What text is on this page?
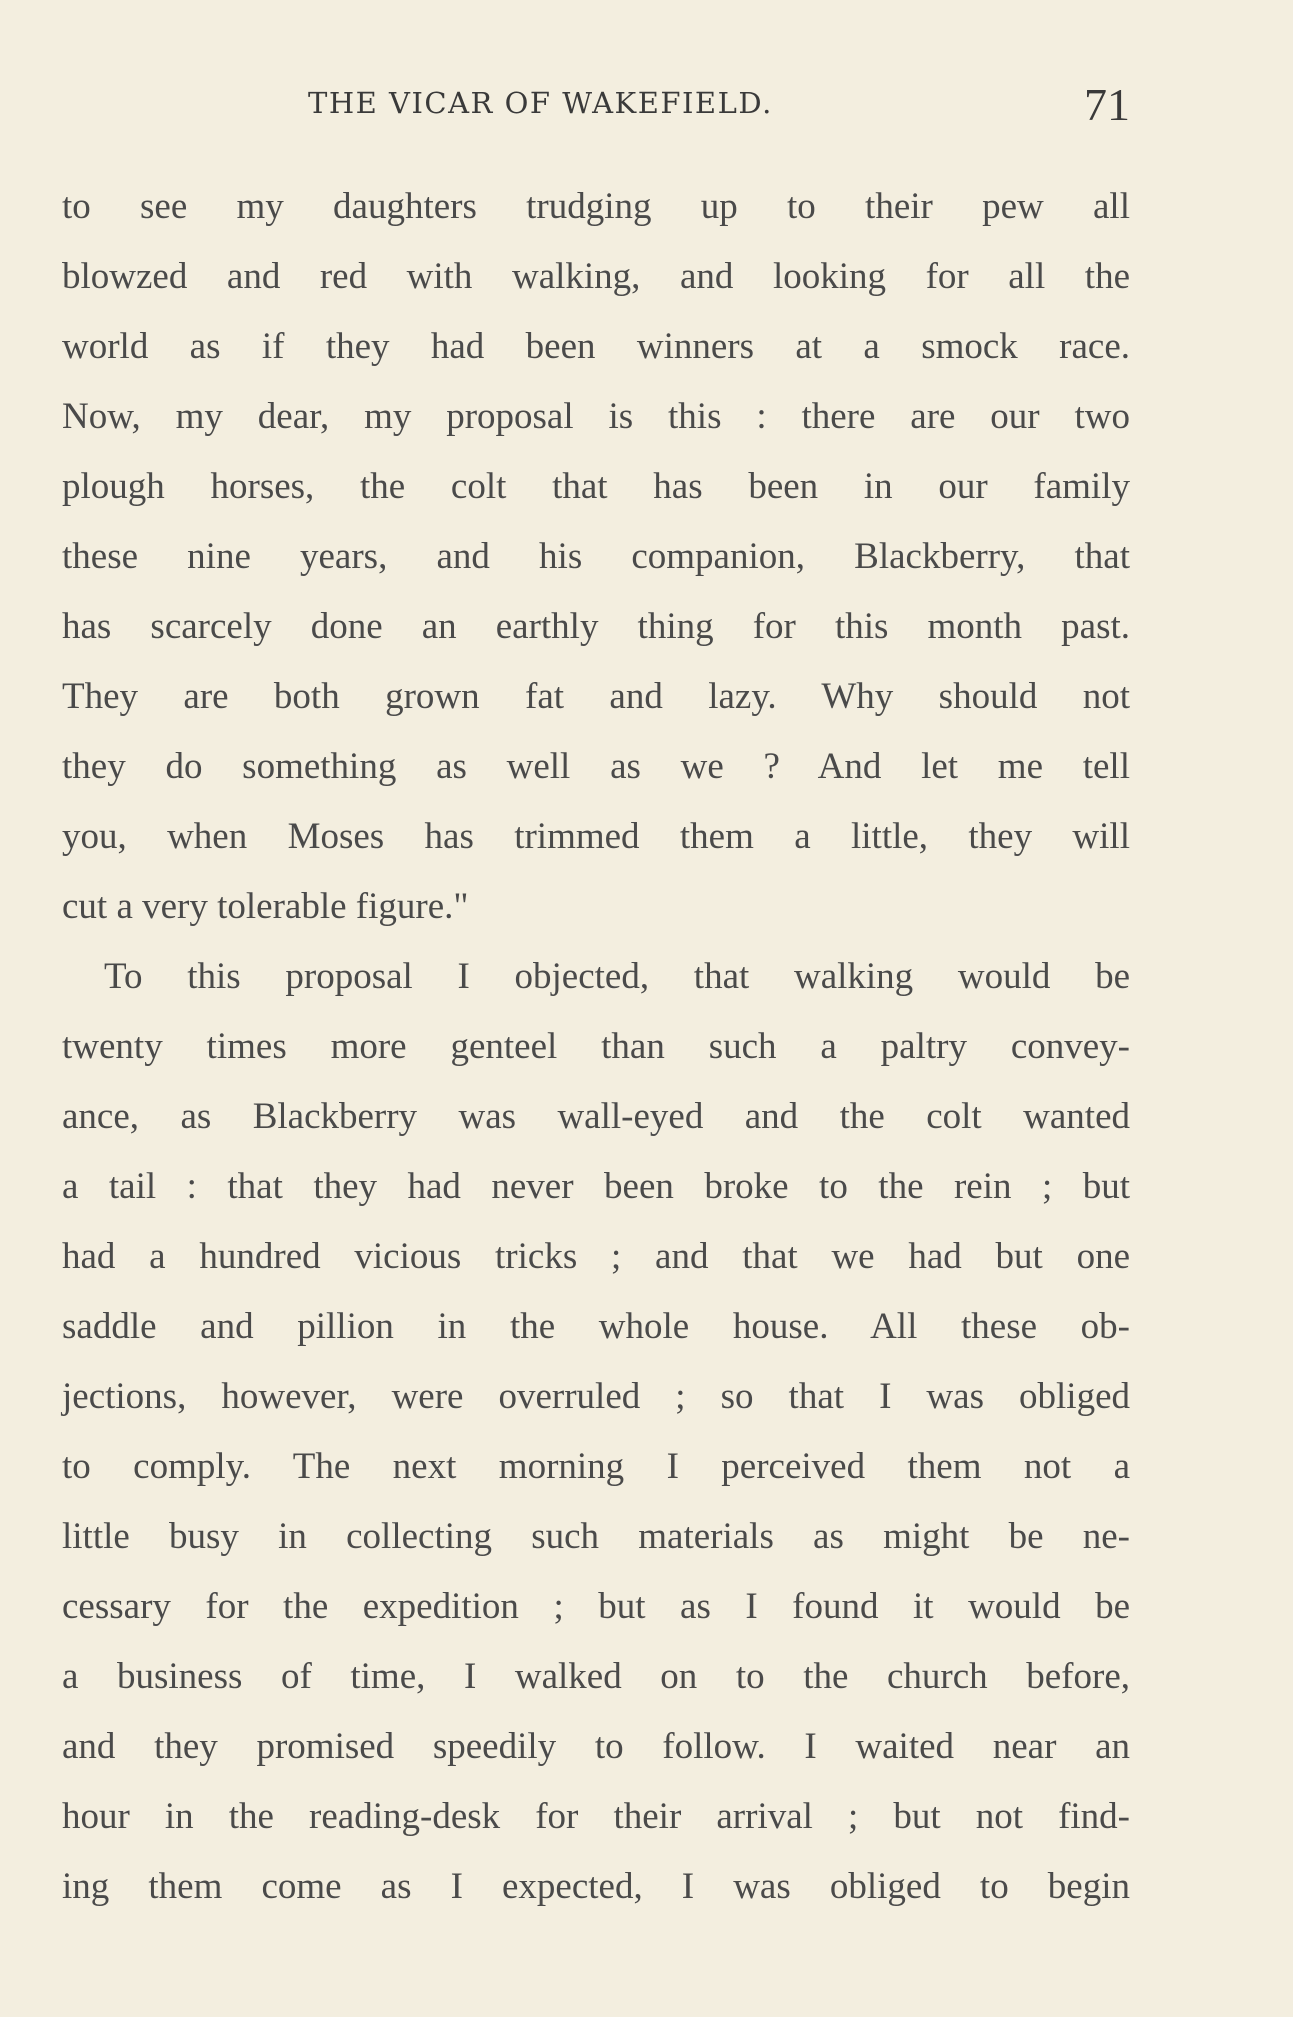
THE VICAR OF WAKEFIELD.	71
to see my daughters trudging up to their pew all
blowzed and red with walking, and looking for all the
world as if they had been winners at a smock race.
Now, my dear, my proposal is this : there are our two
plough horses, the colt that has been in our family
these nine years, and his companion, Blackberry, that
has scarcely done an earthly thing for this month past.
They are both grown fat and lazy. Why should not
they do something as well as we ? And let me tell
you, when Moses has trimmed them a little, they will
cut a very tolerable figure."
To this proposal I objected, that walking would be
twenty times more genteel than such a paltry convey-
ance, as Blackberry was wall-eyed and the colt wanted
a tail : that they had never been broke to the rein ; but
had a hundred vicious tricks ; and that we had but one
saddle and pillion in the whole house. All these ob-
jections, however, were overruled ; so that I was obliged
to comply. The next morning I perceived them not a
little busy in collecting such materials as might be ne-
cessary for the expedition ; but as I found it would be
a business of time, I walked on to the church before,
and they promised speedily to follow. I waited near an
hour in the reading-desk for their arrival ; but not find-
ing them come as I expected, I was obliged to begin
